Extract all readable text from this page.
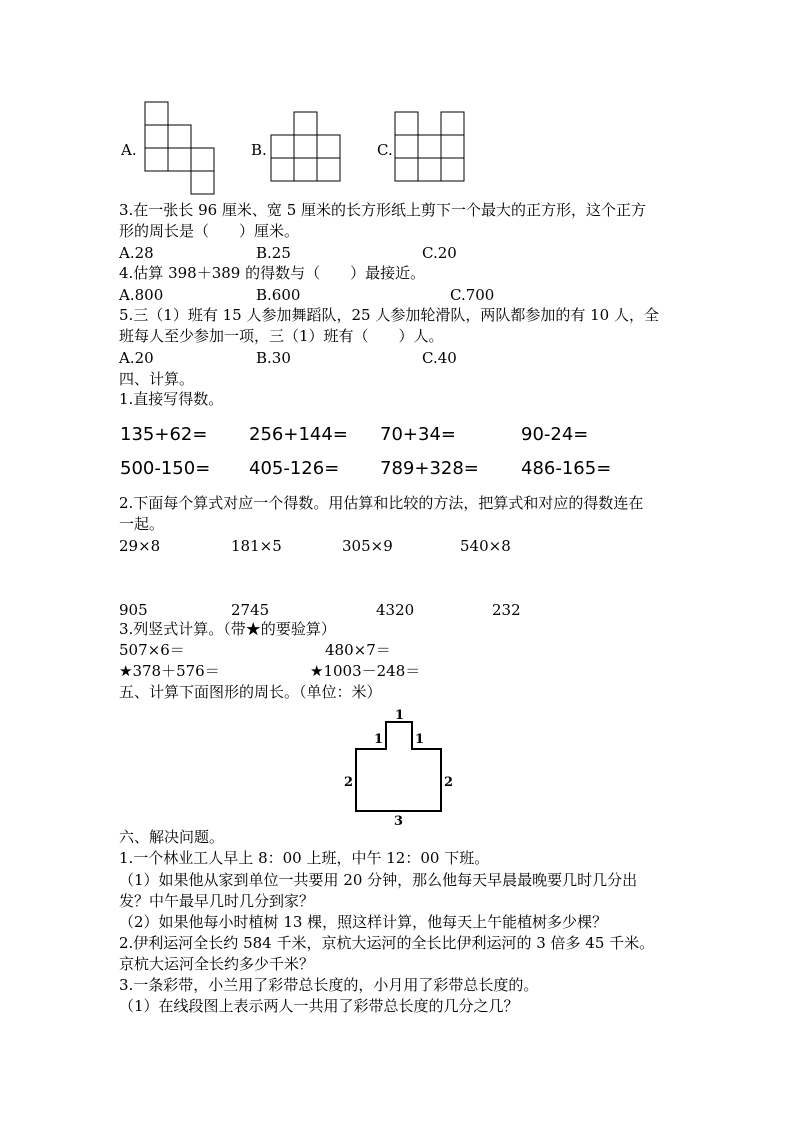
A.	B.	C.
3.在一张长 96 厘米、宽 5 厘米的长方形纸上剪下一个最大的正方形，这个正方
形的周长是（　　）厘米。
A.28	B.25	C.20
4.估算 398＋389 的得数与（　　）最接近。
A.800	B.600	C.700
5.三（1）班有 15 人参加舞蹈队，25 人参加轮滑队，两队都参加的有 10 人，全
班每人至少参加一项，三（1）班有（　　）人。
A.20	B.30	C.40
四、计算。
1.直接写得数。
135+62= 256+144= 70+34=	90-24=
500-150= 405-126= 789+328= 486-165=
2.下面每个算式对应一个得数。用估算和比较的方法，把算式和对应的得数连在
一起。
29×8	181×5	305×9	540×8
905	2745	4320	232
3.列竖式计算。（带★的要验算）
507×6＝	480×7＝
★378＋576＝	★1003－248＝
五、计算下面图形的周长。（单位：米）
1
1 1
2	2
3
六、解决问题。
1.一个林业工人早上 8：00 上班，中午 12：00 下班。
（1）如果他从家到单位一共要用 20 分钟，那么他每天早晨最晚要几时几分出
发？中午最早几时几分到家？
（2）如果他每小时植树 13 棵，照这样计算，他每天上午能植树多少棵？
2.伊利运河全长约 584 千米，京杭大运河的全长比伊利运河的 3 倍多 45 千米。
京杭大运河全长约多少千米？
3.一条彩带，小兰用了彩带总长度的，小月用了彩带总长度的。
（1）在线段图上表示两人一共用了彩带总长度的几分之几？
